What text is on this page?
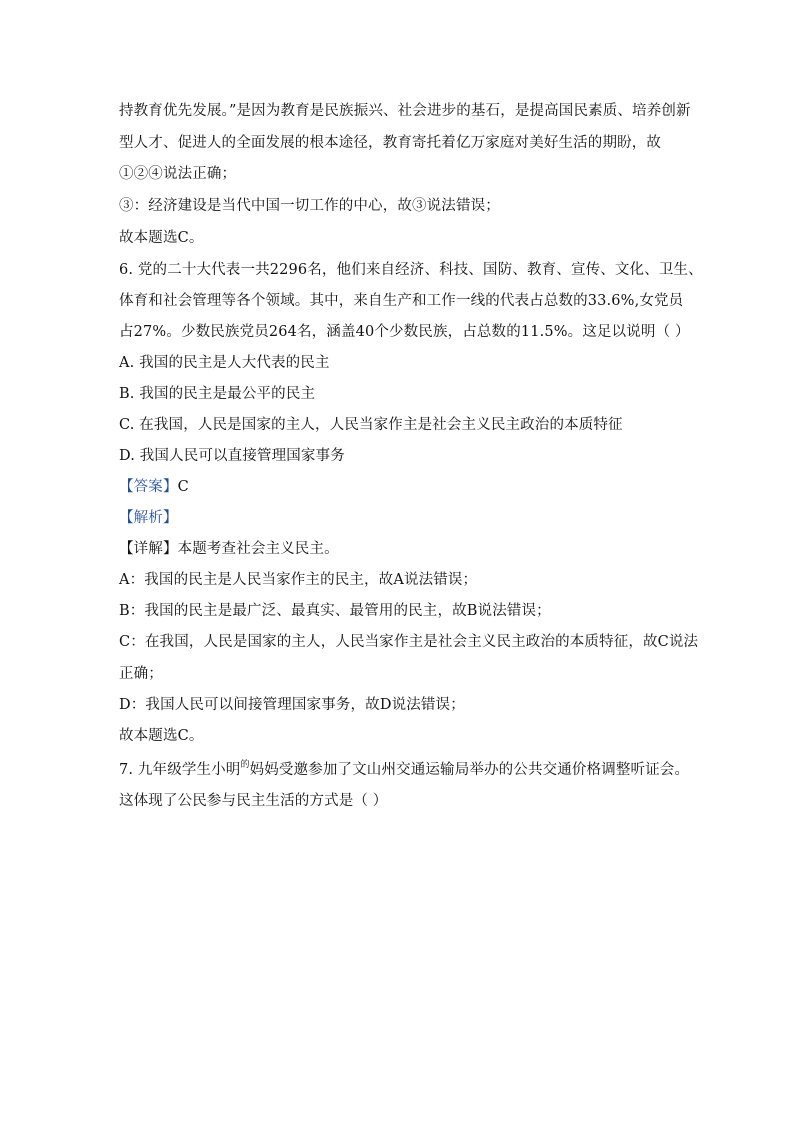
持教育优先发展。”是因为教育是民族振兴、社会进步的基石，是提高国民素质、培养创新
型人才、促进人的全面发展的根本途径，教育寄托着亿万家庭对美好生活的期盼，故
①②④说法正确；
③：经济建设是当代中国一切工作的中心，故③说法错误；
故本题选C。
6. 党的二十大代表一共2296名，他们来自经济、科技、国防、教育、宣传、文化、卫生、
体育和社会管理等各个领域。其中，来自生产和工作一线的代表占总数的33.6%,女党员
占27%。少数民族党员264名，涵盖40个少数民族，占总数的11.5%。这足以说明（ ）
A. 我国的民主是人大代表的民主
B. 我国的民主是最公平的民主
C. 在我国，人民是国家的主人，人民当家作主是社会主义民主政治的本质特征
D. 我国人民可以直接管理国家事务
【答案】C
【解析】
【详解】本题考查社会主义民主。
A：我国的民主是人民当家作主的民主，故A说法错误；
B：我国的民主是最广泛、最真实、最管用的民主，故B说法错误；
C：在我国，人民是国家的主人，人民当家作主是社会主义民主政治的本质特征，故C说法
正确；
D：我国人民可以间接管理国家事务，故D说法错误；
故本题选C。
7. 九年级学生小明$^的$妈妈受邀参加了文山州交通运输局举办的公共交通价格调整听证会。
这体现了公民参与民主生活的方式是（ ）
